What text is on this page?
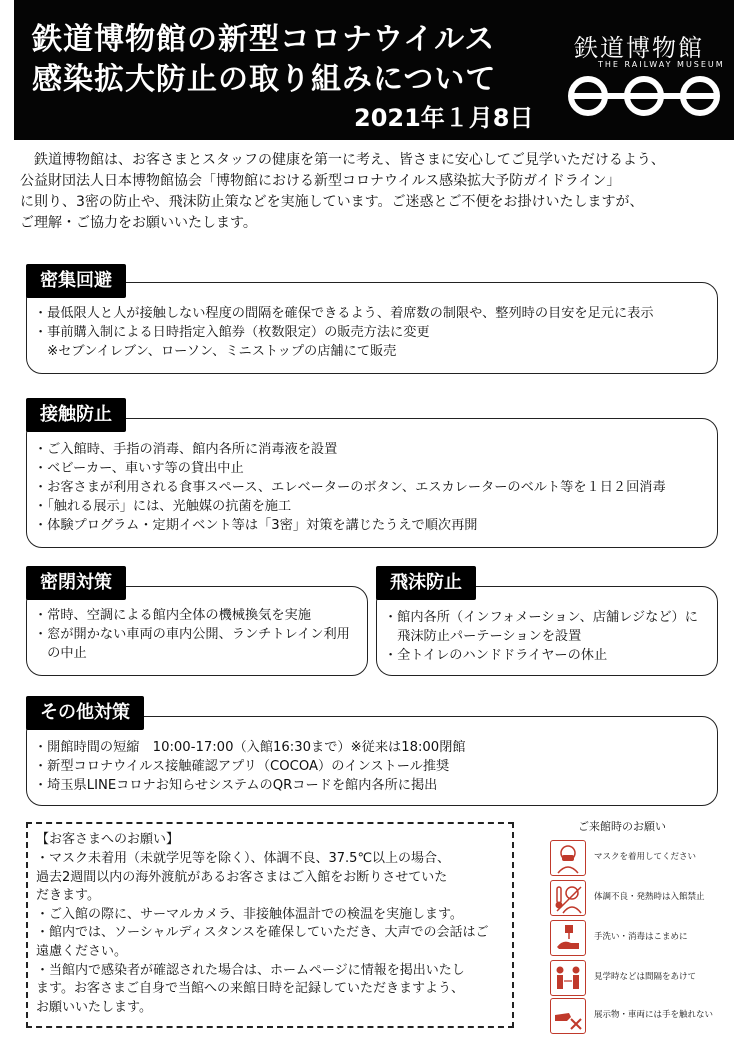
鉄道博物館の新型コロナウイルス
感染拡大防止の取り組みについて
2021年１月8日
鉄道博物館
THE RAILWAY MUSEUM
　鉄道博物館は、お客さまとスタッフの健康を第一に考え、皆さまに安心してご見学いただけるよう、
公益財団法人日本博物館協会「博物館における新型コロナウイルス感染拡大予防ガイドライン」
に則り、3密の防止や、飛沫防止策などを実施しています。ご迷惑とご不便をお掛けいたしますが、
ご理解・ご協力をお願いいたします。
密集回避
・最低限人と人が接触しない程度の間隔を確保できるよう、着席数の制限や、整列時の目安を足元に表示
・事前購入制による日時指定入館券（枚数限定）の販売方法に変更
　※セブンイレブン、ローソン、ミニストップの店舗にて販売
接触防止
・ご入館時、手指の消毒、館内各所に消毒液を設置
・ベビーカー、車いす等の貸出中止
・お客さまが利用される食事スペース、エレベーターのボタン、エスカレーターのベルト等を１日２回消毒
・「触れる展示」には、光触媒の抗菌を施工
・体験プログラム・定期イベント等は「3密」対策を講じたうえで順次再開
密閉対策
・常時、空調による館内全体の機械換気を実施
・窓が開かない車両の車内公開、ランチトレイン利用
　の中止
飛沫防止
・館内各所（インフォメーション、店舗レジなど）に
　飛沫防止パーテーションを設置
・全トイレのハンドドライヤーの休止
その他対策
・開館時間の短縮　10:00-17:00（入館16:30まで）※従来は18:00閉館
・新型コロナウイルス接触確認アプリ（COCOA）のインストール推奨
・埼玉県LINEコロナお知らせシステムのQRコードを館内各所に掲出
【お客さまへのお願い】
・マスク未着用（未就学児等を除く）、体調不良、37.5℃以上の場合、
過去2週間以内の海外渡航があるお客さまはご入館をお断りさせていた
だきます。
・ご入館の際に、サーマルカメラ、非接触体温計での検温を実施します。
・館内では、ソーシャルディスタンスを確保していただき、大声での会話はご
遠慮ください。
・当館内で感染者が確認された場合は、ホームページに情報を掲出いたし
ます。お客さまご自身で当館への来館日時を記録していただきますよう、
お願いいたします。
ご来館時のお願い
マスクを着用してください
体調不良・発熱時は入館禁止
手洗い・消毒はこまめに
見学時などは間隔をあけて
展示物・車両には手を触れない
